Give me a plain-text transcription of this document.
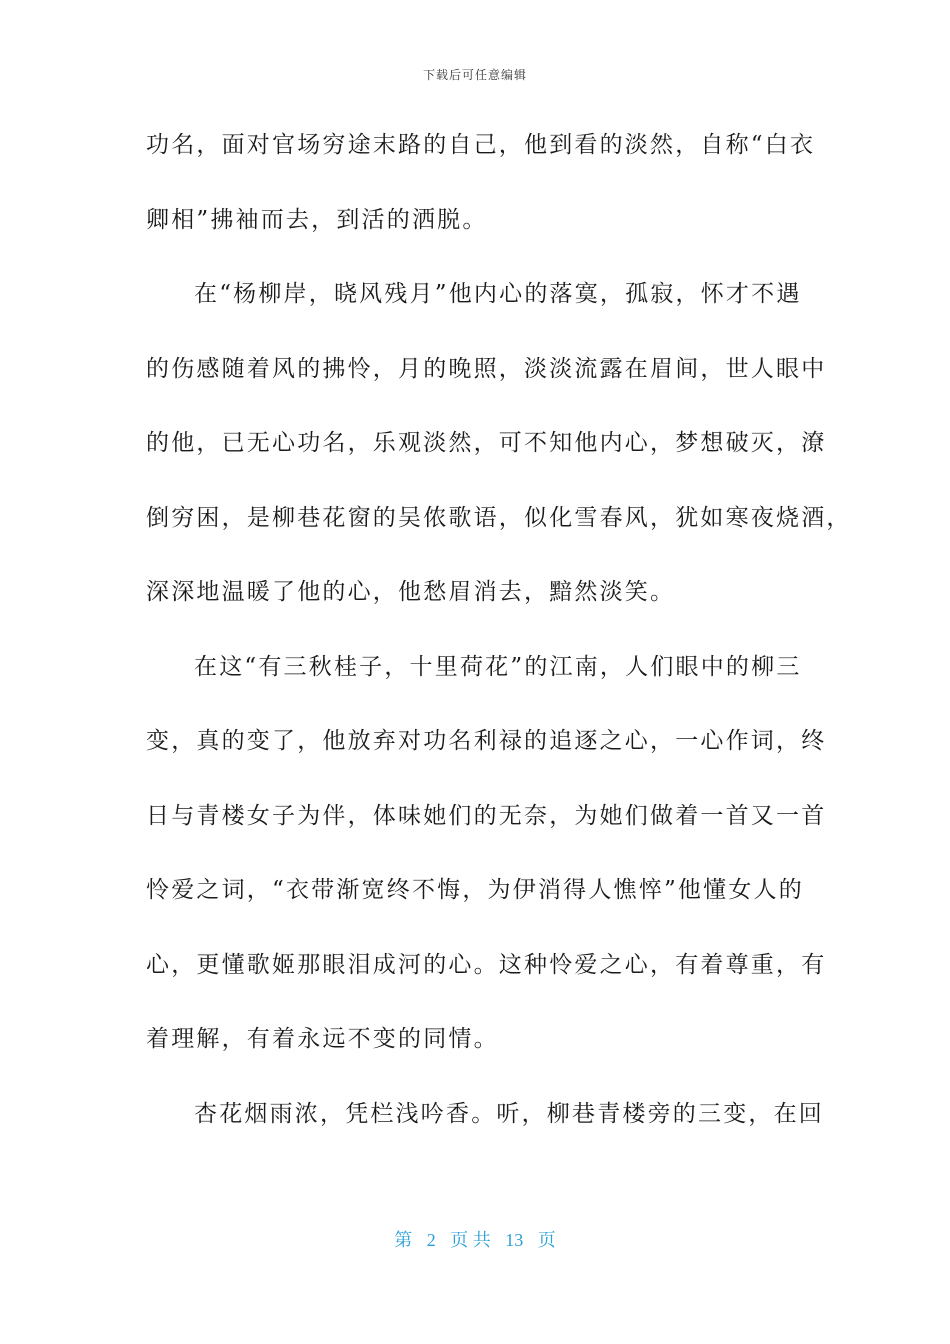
下载后可任意编辑
功名，面对官场穷途末路的自己，他到看的淡然，自称“白衣
卿相”拂袖而去，到活的洒脱。
在“杨柳岸，晓风残月”他内心的落寞，孤寂，怀才不遇
的伤感随着风的拂怜，月的晚照，淡淡流露在眉间，世人眼中
的他，已无心功名，乐观淡然，可不知他内心，梦想破灭，潦
倒穷困，是柳巷花窗的吴侬歌语，似化雪春风，犹如寒夜烧酒，
深深地温暖了他的心，他愁眉消去，黯然淡笑。
在这“有三秋桂子，十里荷花”的江南，人们眼中的柳三
变，真的变了，他放弃对功名利禄的追逐之心，一心作词，终
日与青楼女子为伴，体味她们的无奈，为她们做着一首又一首
怜爱之词，“衣带渐宽终不悔，为伊消得人憔悴”他懂女人的
心，更懂歌姬那眼泪成河的心。这种怜爱之心，有着尊重，有
着理解，有着永远不变的同情。
杏花烟雨浓，凭栏浅吟香。听，柳巷青楼旁的三变，在回
第 2 页 共 13 页
